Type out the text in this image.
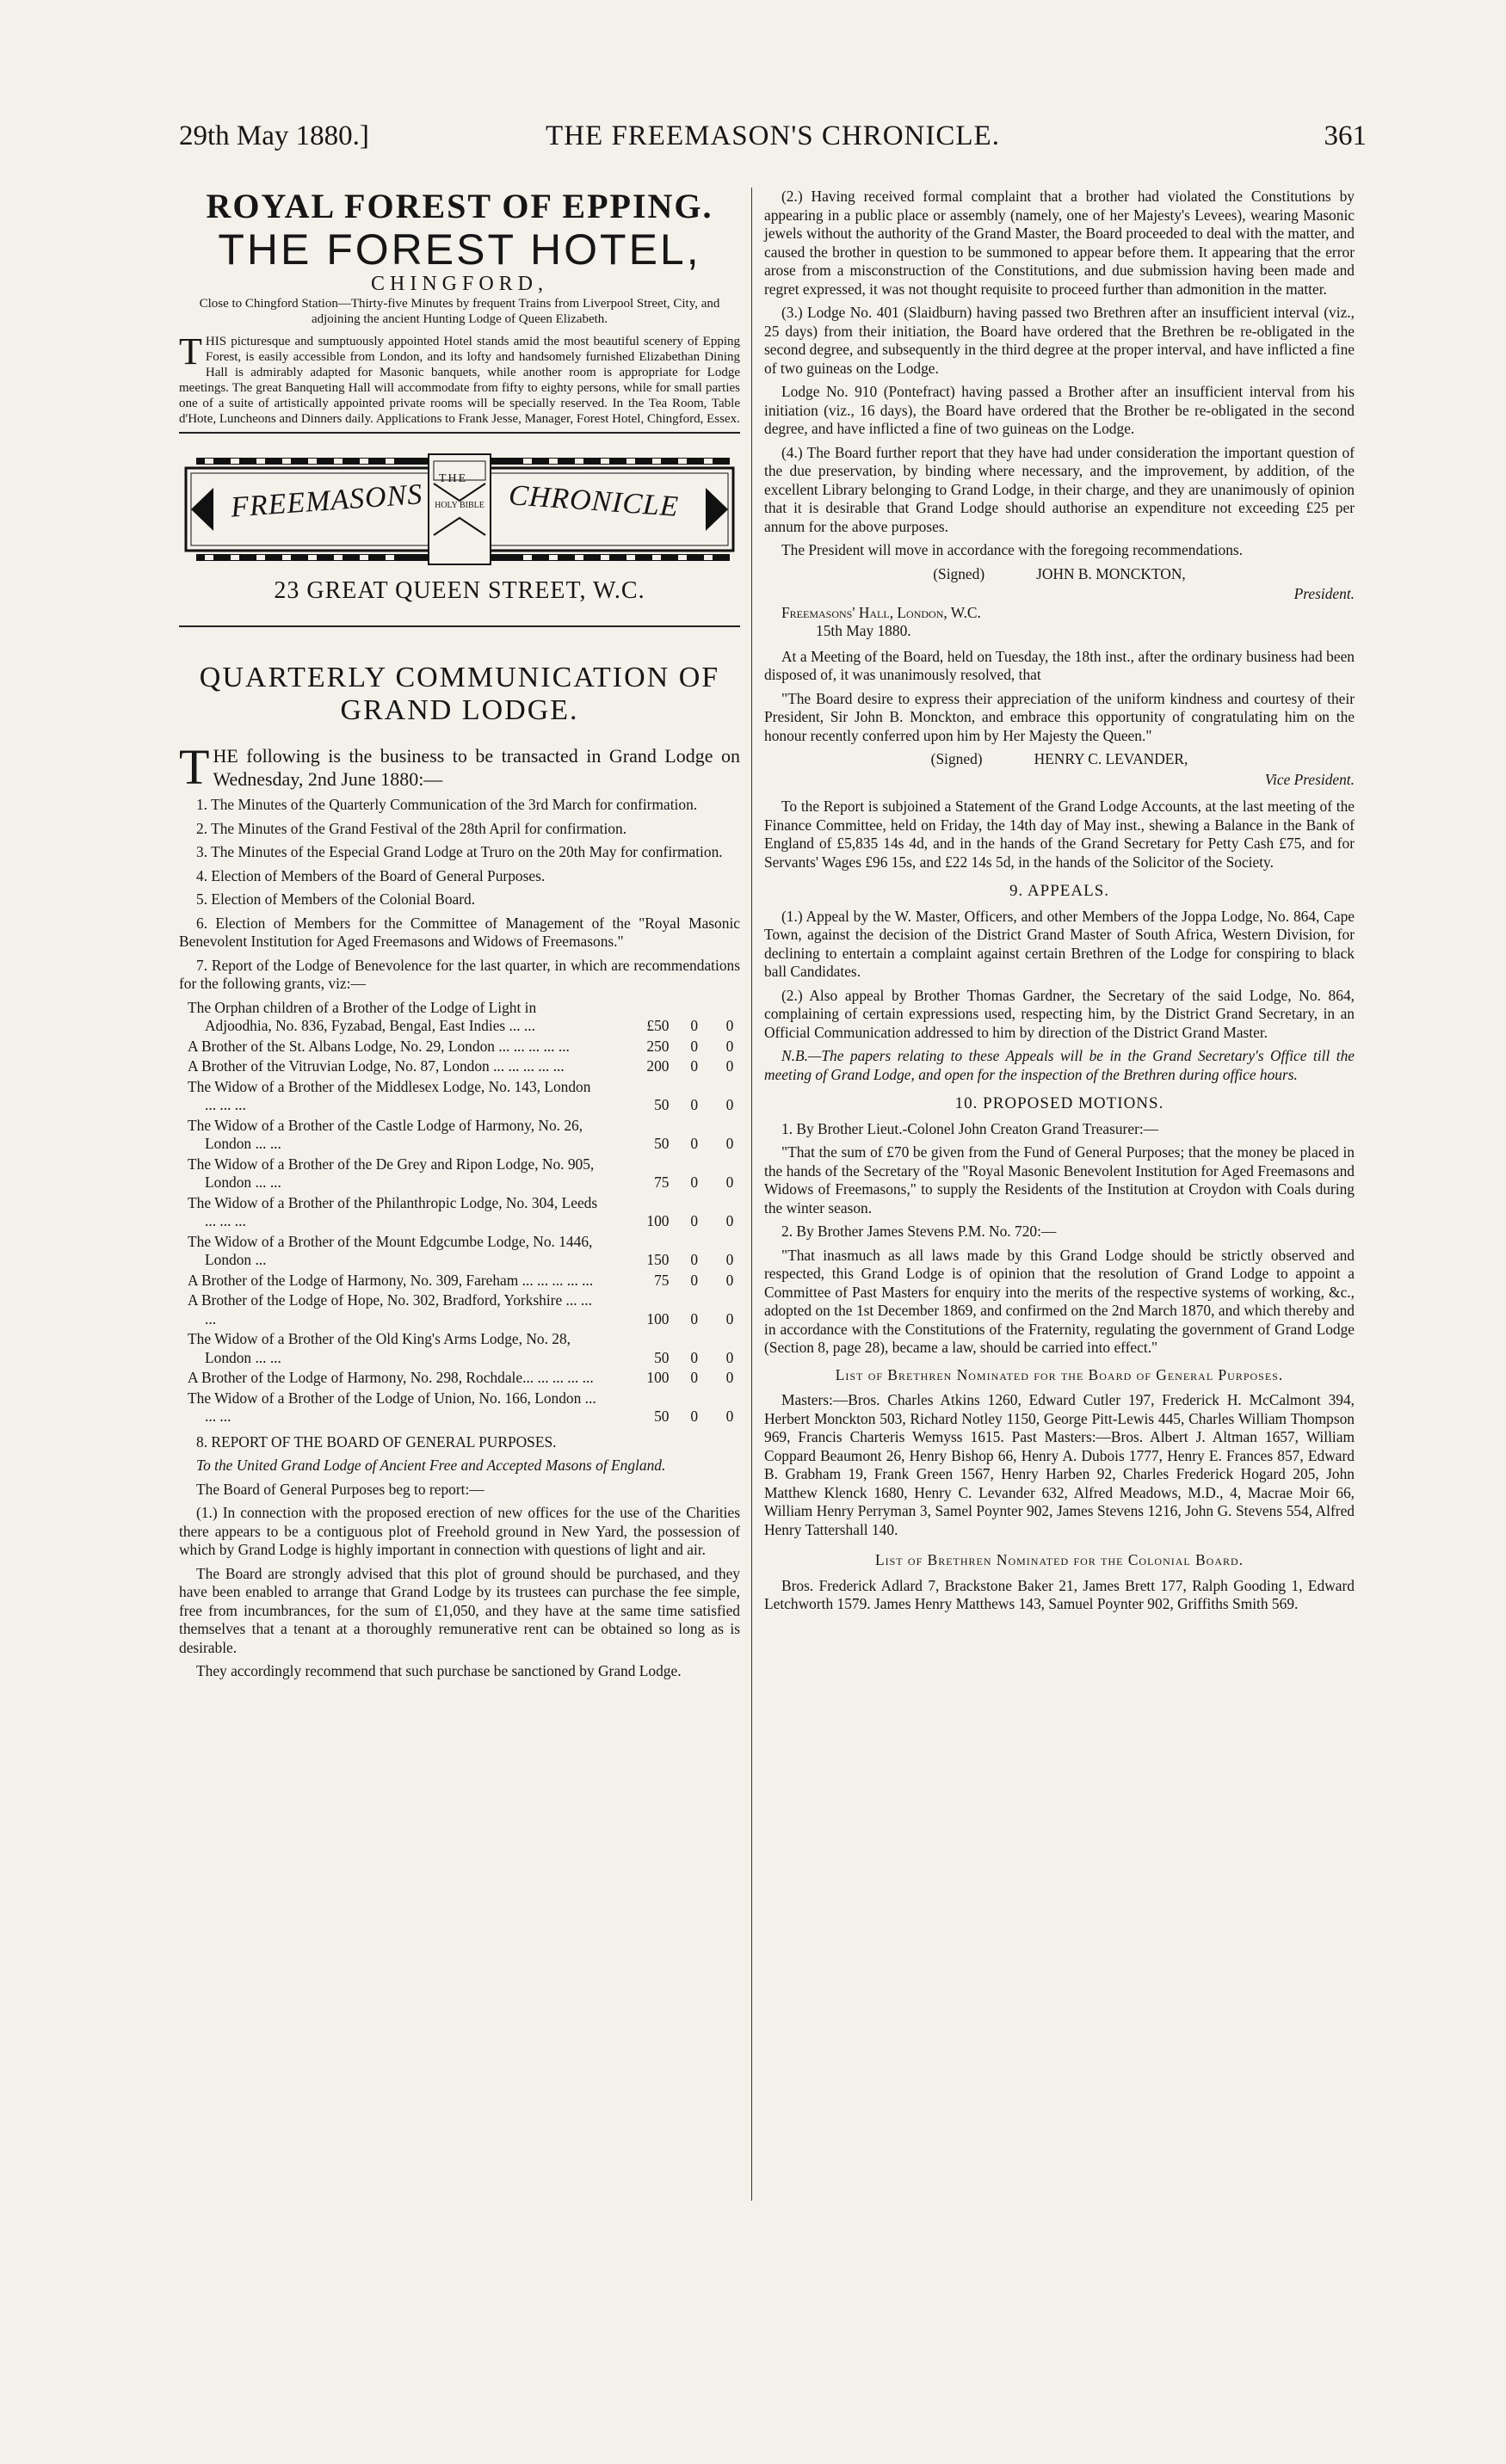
29th May 1880.]	THE FREEMASON'S CHRONICLE.	361
ROYAL FOREST OF EPPING.
THE FOREST HOTEL,
CHINGFORD,
Close to Chingford Station—Thirty-five Minutes by frequent Trains from Liverpool Street, City, and adjoining the ancient Hunting Lodge of Queen Elizabeth.

THIS picturesque and sumptuously appointed Hotel stands amid the most beautiful scenery of Epping Forest, is easily accessible from London, and its lofty and handsomely furnished Elizabethan Dining Hall is admirably adapted for Masonic banquets, while another room is appropriate for Lodge meetings. The great Banqueting Hall will accommodate from fifty to eighty persons, while for small parties one of a suite of artistically appointed private rooms will be specially reserved. In the Tea Room, Table d'Hote, Luncheons and Dinners daily. Applications to Frank Jesse, Manager, Forest Hotel, Chingford, Essex.

THE
HOLY BIBLE
FREEMASONS	CHRONICLE
23 GREAT QUEEN STREET, W.C.
QUARTERLY COMMUNICATION OF GRAND LODGE.

THE following is the business to be transacted in Grand Lodge on Wednesday, 2nd June 1880:—

1. The Minutes of the Quarterly Communication of the 3rd March for confirmation.

2. The Minutes of the Grand Festival of the 28th April for confirmation.

3. The Minutes of the Especial Grand Lodge at Truro on the 20th May for confirmation.

4. Election of Members of the Board of General Purposes.

5. Election of Members of the Colonial Board.

6. Election of Members for the Committee of Management of the "Royal Masonic Benevolent Institution for Aged Freemasons and Widows of Freemasons."

7. Report of the Lodge of Benevolence for the last quarter, in which are recommendations for the following grants, viz:—

The Orphan children of a Brother of the Lodge of Light in Adjoodhia, No. 836, Fyzabad, Bengal, East Indies ... ...	£50	0	0
A Brother of the St. Albans Lodge, No. 29, London ... ... ... ... ...	250	0	0
A Brother of the Vitruvian Lodge, No. 87, London ... ... ... ... ...	200	0	0
The Widow of a Brother of the Middlesex Lodge, No. 143, London ... ... ...	50	0	0
The Widow of a Brother of the Castle Lodge of Harmony, No. 26, London ... ...	50	0	0
The Widow of a Brother of the De Grey and Ripon Lodge, No. 905, London ... ...	75	0	0
The Widow of a Brother of the Philanthropic Lodge, No. 304, Leeds ... ... ...	100	0	0
The Widow of a Brother of the Mount Edgcumbe Lodge, No. 1446, London ...	150	0	0
A Brother of the Lodge of Harmony, No. 309, Fareham ... ... ... ... ...	75	0	0
A Brother of the Lodge of Hope, No. 302, Bradford, Yorkshire ... ... ...	100	0	0
The Widow of a Brother of the Old King's Arms Lodge, No. 28, London ... ...	50	0	0
A Brother of the Lodge of Harmony, No. 298, Rochdale... ... ... ... ...	100	0	0
The Widow of a Brother of the Lodge of Union, No. 166, London ... ... ...	50	0	0

8. REPORT OF THE BOARD OF GENERAL PURPOSES.

To the United Grand Lodge of Ancient Free and Accepted Masons of England.

The Board of General Purposes beg to report:—

(1.) In connection with the proposed erection of new offices for the use of the Charities there appears to be a contiguous plot of Freehold ground in New Yard, the possession of which by Grand Lodge is highly important in connection with questions of light and air.

The Board are strongly advised that this plot of ground should be purchased, and they have been enabled to arrange that Grand Lodge by its trustees can purchase the fee simple, free from incumbrances, for the sum of £1,050, and they have at the same time satisfied themselves that a tenant at a thoroughly remunerative rent can be obtained so long as is desirable.

They accordingly recommend that such purchase be sanctioned by Grand Lodge.

(2.) Having received formal complaint that a brother had violated the Constitutions by appearing in a public place or assembly (namely, one of her Majesty's Levees), wearing Masonic jewels without the authority of the Grand Master, the Board proceeded to deal with the matter, and caused the brother in question to be summoned to appear before them. It appearing that the error arose from a misconstruction of the Constitutions, and due submission having been made and regret expressed, it was not thought requisite to proceed further than admonition in the matter.

(3.) Lodge No. 401 (Slaidburn) having passed two Brethren after an insufficient interval (viz., 25 days) from their initiation, the Board have ordered that the Brethren be re-obligated in the second degree, and subsequently in the third degree at the proper interval, and have inflicted a fine of two guineas on the Lodge.

Lodge No. 910 (Pontefract) having passed a Brother after an insufficient interval from his initiation (viz., 16 days), the Board have ordered that the Brother be re-obligated in the second degree, and have inflicted a fine of two guineas on the Lodge.

(4.) The Board further report that they have had under consideration the important question of the due preservation, by binding where necessary, and the improvement, by addition, of the excellent Library belonging to Grand Lodge, in their charge, and they are unanimously of opinion that it is desirable that Grand Lodge should authorise an expenditure not exceeding £25 per annum for the above purposes.

The President will move in accordance with the foregoing recommendations.

(Signed)	JOHN B. MONCKTON,
President.
Freemasons' Hall, London, W.C.
15th May 1880.

At a Meeting of the Board, held on Tuesday, the 18th inst., after the ordinary business had been disposed of, it was unanimously resolved, that

"The Board desire to express their appreciation of the uniform kindness and courtesy of their President, Sir John B. Monckton, and embrace this opportunity of congratulating him on the honour recently conferred upon him by Her Majesty the Queen."

(Signed)	HENRY C. LEVANDER,
Vice President.

To the Report is subjoined a Statement of the Grand Lodge Accounts, at the last meeting of the Finance Committee, held on Friday, the 14th day of May inst., shewing a Balance in the Bank of England of £5,835 14s 4d, and in the hands of the Grand Secretary for Petty Cash £75, and for Servants' Wages £96 15s, and £22 14s 5d, in the hands of the Solicitor of the Society.

9. APPEALS.

(1.) Appeal by the W. Master, Officers, and other Members of the Joppa Lodge, No. 864, Cape Town, against the decision of the District Grand Master of South Africa, Western Division, for declining to entertain a complaint against certain Brethren of the Lodge for conspiring to black ball Candidates.

(2.) Also appeal by Brother Thomas Gardner, the Secretary of the said Lodge, No. 864, complaining of certain expressions used, respecting him, by the District Grand Secretary, in an Official Communication addressed to him by direction of the District Grand Master.

N.B.—The papers relating to these Appeals will be in the Grand Secretary's Office till the meeting of Grand Lodge, and open for the inspection of the Brethren during office hours.

10. PROPOSED MOTIONS.

1. By Brother Lieut.-Colonel John Creaton Grand Treasurer:—

"That the sum of £70 be given from the Fund of General Purposes; that the money be placed in the hands of the Secretary of the "Royal Masonic Benevolent Institution for Aged Freemasons and Widows of Freemasons," to supply the Residents of the Institution at Croydon with Coals during the winter season.

2. By Brother James Stevens P.M. No. 720:—

"That inasmuch as all laws made by this Grand Lodge should be strictly observed and respected, this Grand Lodge is of opinion that the resolution of Grand Lodge to appoint a Committee of Past Masters for enquiry into the merits of the respective systems of working, &c., adopted on the 1st December 1869, and confirmed on the 2nd March 1870, and which thereby and in accordance with the Constitutions of the Fraternity, regulating the government of Grand Lodge (Section 8, page 28), became a law, should be carried into effect."

List of Brethren Nominated for the Board of General Purposes.

Masters:—Bros. Charles Atkins 1260, Edward Cutler 197, Frederick H. McCalmont 394, Herbert Monckton 503, Richard Notley 1150, George Pitt-Lewis 445, Charles William Thompson 969, Francis Charteris Wemyss 1615. Past Masters:—Bros. Albert J. Altman 1657, William Coppard Beaumont 26, Henry Bishop 66, Henry A. Dubois 1777, Henry E. Frances 857, Edward B. Grabham 19, Frank Green 1567, Henry Harben 92, Charles Frederick Hogard 205, John Matthew Klenck 1680, Henry C. Levander 632, Alfred Meadows, M.D., 4, Macrae Moir 66, William Henry Perryman 3, Samel Poynter 902, James Stevens 1216, John G. Stevens 554, Alfred Henry Tattershall 140.

List of Brethren Nominated for the Colonial Board.

Bros. Frederick Adlard 7, Brackstone Baker 21, James Brett 177, Ralph Gooding 1, Edward Letchworth 1579. James Henry Matthews 143, Samuel Poynter 902, Griffiths Smith 569.
